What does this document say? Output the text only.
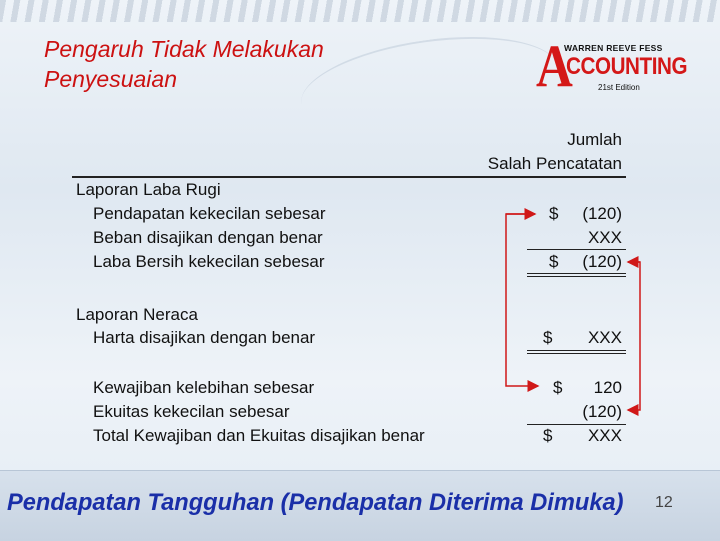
Pengaruh Tidak Melakukan
Penyesuaian	A
WARREN REEVE FESS
CCOUNTING
21st Edition
Jumlah
Salah Pencatatan
Laporan Laba Rugi
Pendapatan kekecilan sebesar	$ (120)
Beban disajikan dengan benar	XXX
Laba Bersih kekecilan sebesar	$ (120)
Laporan Neraca
Harta disajikan dengan benar	$ XXX
Kewajiban kelebihan sebesar	$ 120
Ekuitas kekecilan sebesar	(120)
Total Kewajiban dan Ekuitas disajikan benar	$ XXX
Pendapatan Tangguhan (Pendapatan Diterima Dimuka) 12
